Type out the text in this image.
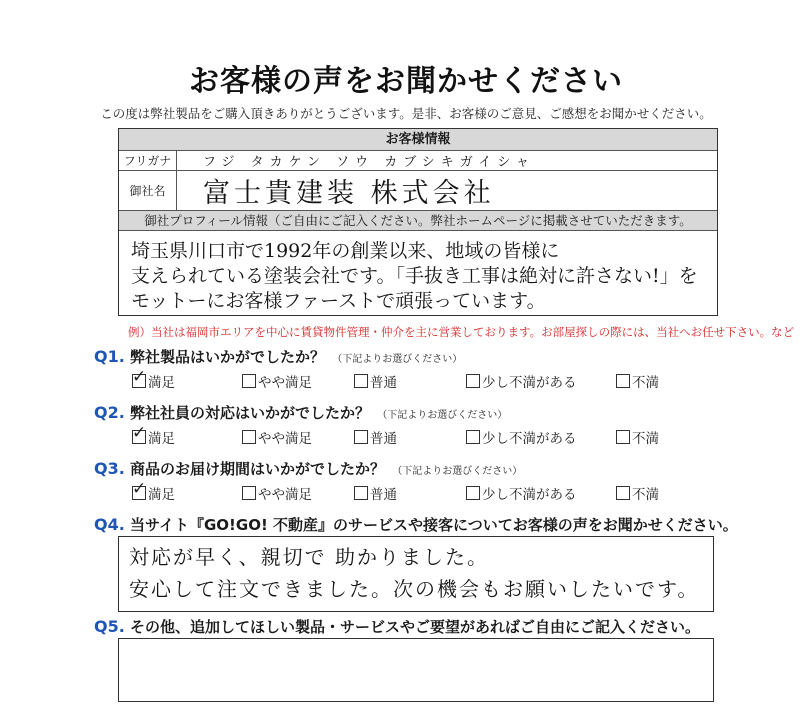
お客様の声をお聞かせください
この度は弊社製品をご購入頂きありがとうございます。是非、お客様のご意見、ご感想をお聞かせください。
お客様情報
フリガナ	フジ タカケン ソウ カブシキガイシャ
御社名	富士貴建装 株式会社
御社プロフィール情報（ご自由にご記入ください。弊社ホームページに掲載させていただきます。
埼玉県川口市で1992年の創業以来、地域の皆様に
支えられている塗装会社です。「手抜き工事は絶対に許さない!」を
モットーにお客様ファーストで頑張っています。
例）当社は福岡市エリアを中心に賃貸物件管理・仲介を主に営業しております。お部屋探しの際には、当社へお任せ下さい。など
Q1. 弊社製品はいかがでしたか？ （下記よりお選びください）
✓ 満足	やや満足	普通	少し不満がある	不満
Q2. 弊社社員の対応はいかがでしたか？ （下記よりお選びください）
✓ 満足	やや満足	普通	少し不満がある	不満
Q3. 商品のお届け期間はいかがでしたか？ （下記よりお選びください）
✓ 満足	やや満足	普通	少し不満がある	不満
Q4. 当サイト『GO!GO! 不動産』のサービスや接客についてお客様の声をお聞かせください。
対応が早く、親切で 助かりました。
安心して注文できました。次の機会もお願いしたいです。
Q5. その他、追加してほしい製品・サービスやご要望があればご自由にご記入ください。
